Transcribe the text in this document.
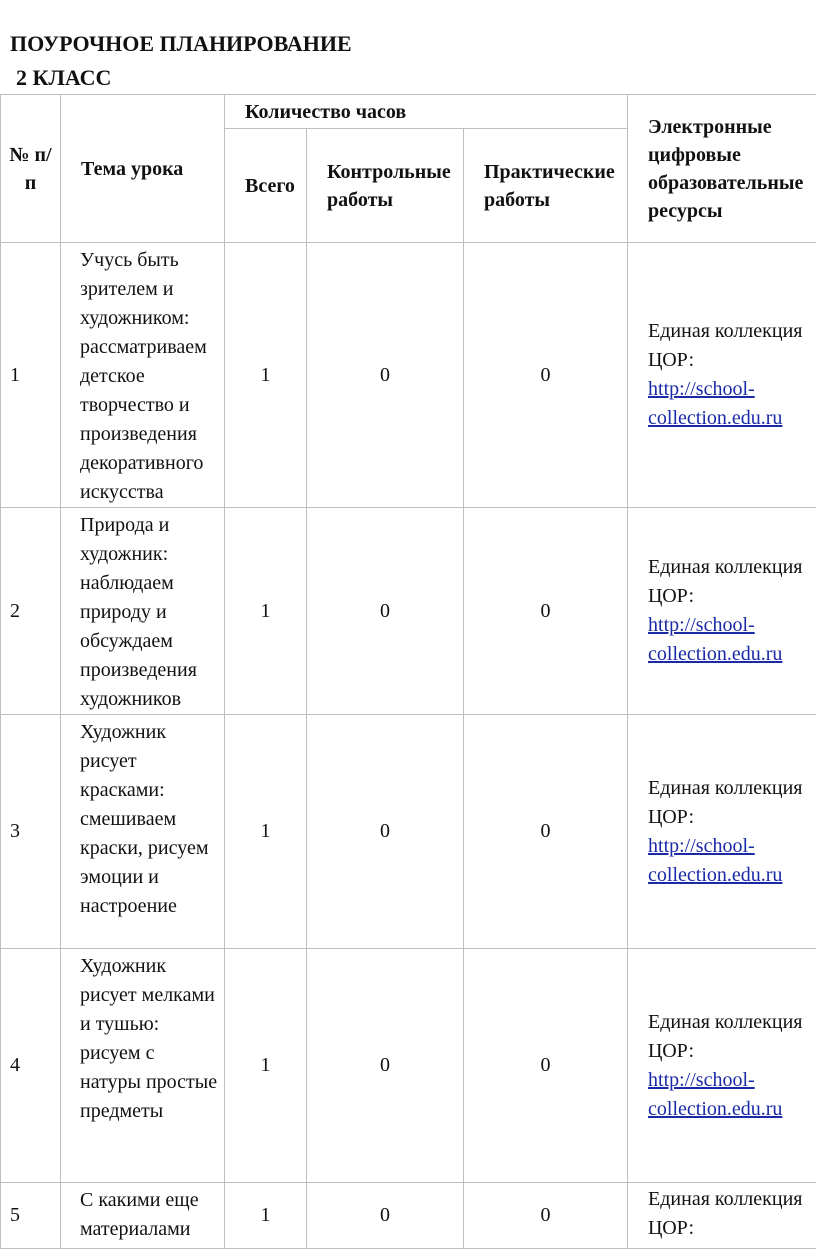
ПОУРОЧНОЕ ПЛАНИРОВАНИЕ
2 КЛАСС
№ п/п	Тема урока	Количество часов			Электронные цифровые образовательные ресурсы
		Всего	Контрольные работы	Практические работы	
1	Учусь быть зрителем и художником: рассматриваем детское творчество и произведения декоративного искусства	1	0	0	Единая коллекция ЦОР:
http://school-collection.edu.ru
2	Природа и художник: наблюдаем природу и обсуждаем произведения художников	1	0	0	Единая коллекция ЦОР:
http://school-collection.edu.ru
3	Художник рисует красками: смешиваем краски, рисуем эмоции и настроение	1	0	0	Единая коллекция ЦОР:
http://school-collection.edu.ru
4	Художник рисует мелками и тушью: рисуем с натуры простые предметы	1	0	0	Единая коллекция ЦОР:
http://school-collection.edu.ru
5	С какими еще материалами	1	0	0	Единая коллекция ЦОР:
